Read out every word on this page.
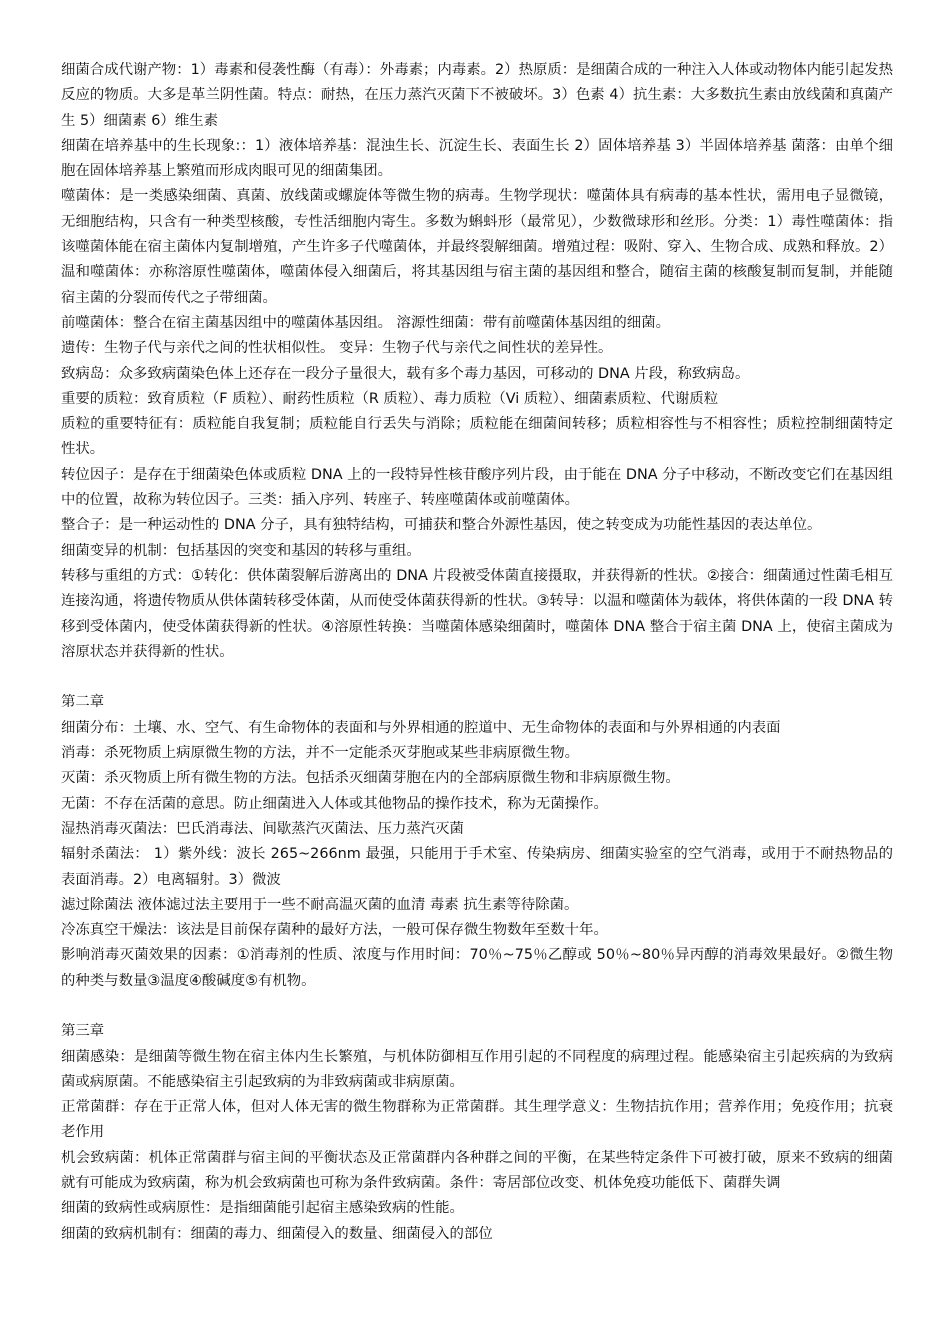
细菌合成代谢产物：1）毒素和侵袭性酶（有毒）：外毒素；内毒素。2）热原质：是细菌合成的一种注入人体或动物体内能引起发热反应的物质。大多是革兰阴性菌。特点：耐热，在压力蒸汽灭菌下不被破坏。3）色素 4）抗生素：大多数抗生素由放线菌和真菌产生 5）细菌素 6）维生素

细菌在培养基中的生长现象:：1）液体培养基：混浊生长、沉淀生长、表面生长 2）固体培养基 3）半固体培养基 菌落：由单个细胞在固体培养基上繁殖而形成肉眼可见的细菌集团。

噬菌体：是一类感染细菌、真菌、放线菌或螺旋体等微生物的病毒。生物学现状：噬菌体具有病毒的基本性状，需用电子显微镜，无细胞结构，只含有一种类型核酸，专性活细胞内寄生。多数为蝌蚪形（最常见），少数微球形和丝形。分类：1）毒性噬菌体：指该噬菌体能在宿主菌体内复制增殖，产生许多子代噬菌体，并最终裂解细菌。增殖过程：吸附、穿入、生物合成、成熟和释放。2）温和噬菌体：亦称溶原性噬菌体，噬菌体侵入细菌后，将其基因组与宿主菌的基因组和整合，随宿主菌的核酸复制而复制，并能随宿主菌的分裂而传代之子带细菌。

前噬菌体：整合在宿主菌基因组中的噬菌体基因组。 溶源性细菌：带有前噬菌体基因组的细菌。

遗传：生物子代与亲代之间的性状相似性。 变异：生物子代与亲代之间性状的差异性。

致病岛：众多致病菌染色体上还存在一段分子量很大，载有多个毒力基因，可移动的 DNA 片段，称致病岛。

重要的质粒：致育质粒（F 质粒）、耐药性质粒（R 质粒）、毒力质粒（Vi 质粒）、细菌素质粒、代谢质粒

质粒的重要特征有：质粒能自我复制；质粒能自行丢失与消除；质粒能在细菌间转移；质粒相容性与不相容性；质粒控制细菌特定性状。

转位因子：是存在于细菌染色体或质粒 DNA 上的一段特异性核苷酸序列片段，由于能在 DNA 分子中移动，不断改变它们在基因组中的位置，故称为转位因子。三类：插入序列、转座子、转座噬菌体或前噬菌体。

整合子：是一种运动性的 DNA 分子，具有独特结构，可捕获和整合外源性基因，使之转变成为功能性基因的表达单位。

细菌变异的机制：包括基因的突变和基因的转移与重组。

转移与重组的方式：①转化：供体菌裂解后游离出的 DNA 片段被受体菌直接摄取，并获得新的性状。②接合：细菌通过性菌毛相互连接沟通，将遗传物质从供体菌转移受体菌，从而使受体菌获得新的性状。③转导：以温和噬菌体为载体，将供体菌的一段 DNA 转移到受体菌内，使受体菌获得新的性状。④溶原性转换：当噬菌体感染细菌时，噬菌体 DNA 整合于宿主菌 DNA 上，使宿主菌成为溶原状态并获得新的性状。

第二章

细菌分布：土壤、水、空气、有生命物体的表面和与外界相通的腔道中、无生命物体的表面和与外界相通的内表面

消毒：杀死物质上病原微生物的方法，并不一定能杀灭芽胞或某些非病原微生物。

灭菌：杀灭物质上所有微生物的方法。包括杀灭细菌芽胞在内的全部病原微生物和非病原微生物。

无菌：不存在活菌的意思。防止细菌进入人体或其他物品的操作技术，称为无菌操作。

湿热消毒灭菌法：巴氏消毒法、间歇蒸汽灭菌法、压力蒸汽灭菌

辐射杀菌法： 1）紫外线：波长 265~266nm 最强，只能用于手术室、传染病房、细菌实验室的空气消毒，或用于不耐热物品的表面消毒。2）电离辐射。3）微波

滤过除菌法 液体滤过法主要用于一些不耐高温灭菌的血清 毒素 抗生素等待除菌。

冷冻真空干燥法：该法是目前保存菌种的最好方法，一般可保存微生物数年至数十年。

影响消毒灭菌效果的因素：①消毒剂的性质、浓度与作用时间：70％~75％乙醇或 50％~80％异丙醇的消毒效果最好。②微生物的种类与数量③温度④酸碱度⑤有机物。

第三章

细菌感染：是细菌等微生物在宿主体内生长繁殖，与机体防御相互作用引起的不同程度的病理过程。能感染宿主引起疾病的为致病菌或病原菌。不能感染宿主引起致病的为非致病菌或非病原菌。

正常菌群：存在于正常人体，但对人体无害的微生物群称为正常菌群。其生理学意义：生物拮抗作用；营养作用；免疫作用；抗衰老作用

机会致病菌：机体正常菌群与宿主间的平衡状态及正常菌群内各种群之间的平衡，在某些特定条件下可被打破，原来不致病的细菌就有可能成为致病菌，称为机会致病菌也可称为条件致病菌。条件：寄居部位改变、机体免疫功能低下、菌群失调

细菌的致病性或病原性：是指细菌能引起宿主感染致病的性能。

细菌的致病机制有：细菌的毒力、细菌侵入的数量、细菌侵入的部位
